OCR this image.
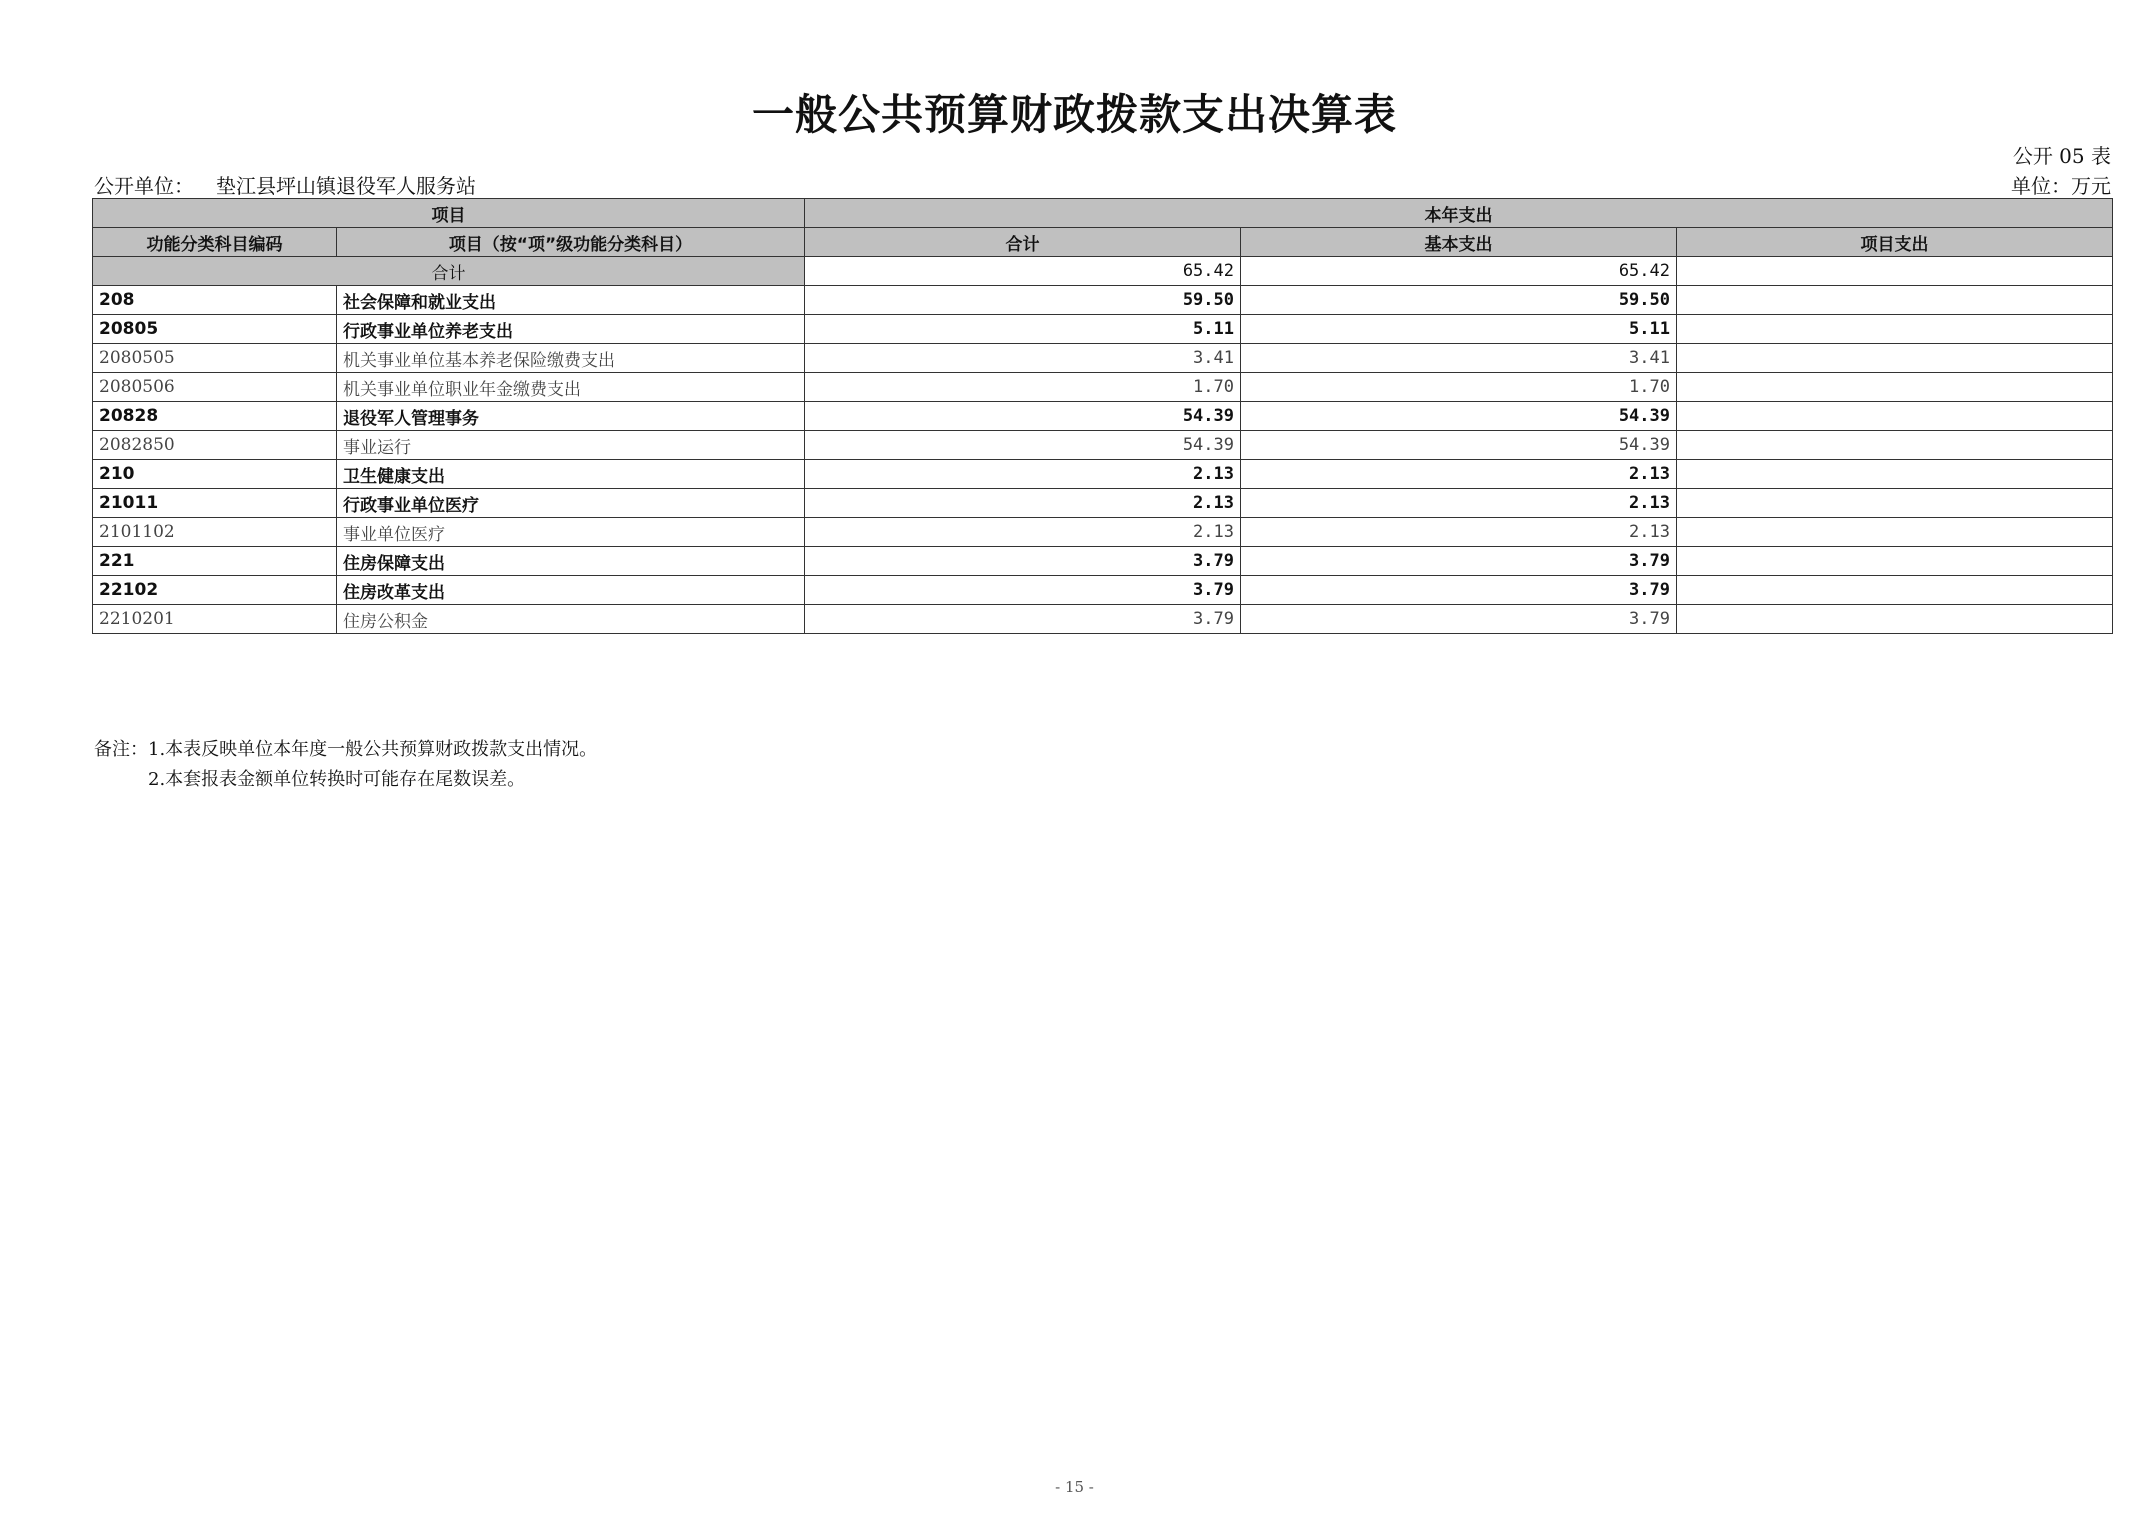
一般公共预算财政拨款支出决算表
公开 05 表
公开单位： 垫江县坪山镇退役军人服务站	单位：万元
项目		本年支出		
功能分类科目编码	项目（按“项”级功能分类科目）	合计	基本支出	项目支出
合计		65.42	65.42	
208	社会保障和就业支出	59.50	59.50	
20805	行政事业单位养老支出	5.11	5.11	
2080505	机关事业单位基本养老保险缴费支出	3.41	3.41	
2080506	机关事业单位职业年金缴费支出	1.70	1.70	
20828	退役军人管理事务	54.39	54.39	
2082850	事业运行	54.39	54.39	
210	卫生健康支出	2.13	2.13	
21011	行政事业单位医疗	2.13	2.13	
2101102	事业单位医疗	2.13	2.13	
221	住房保障支出	3.79	3.79	
22102	住房改革支出	3.79	3.79	
2210201	住房公积金	3.79	3.79	
备注：1.本表反映单位本年度一般公共预算财政拨款支出情况。
2.本套报表金额单位转换时可能存在尾数误差。
- 15 -
